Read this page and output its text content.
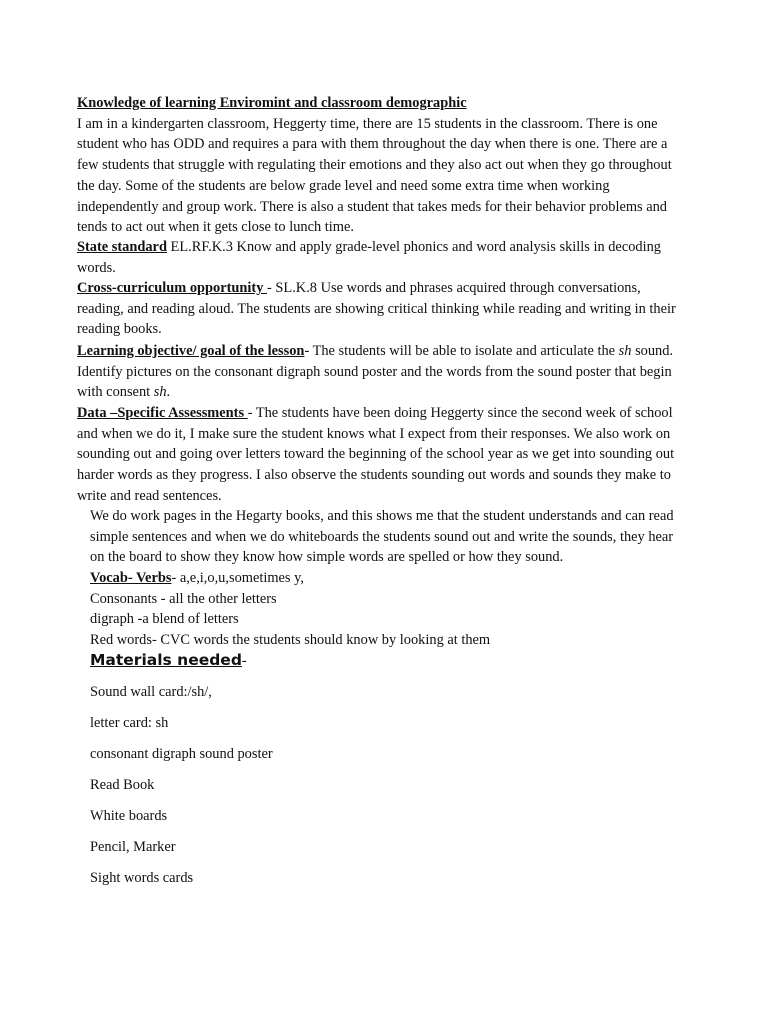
Knowledge of learning Enviromint and classroom demographic
I am in a kindergarten classroom, Heggerty time, there are 15 students in the classroom. There is one student who has ODD and requires a para with them throughout the day when there is one. There are a few students that struggle with regulating their emotions and they also act out when they go throughout the day. Some of the students are below grade level and need some extra time when working independently and group work. There is also a student that takes meds for their behavior problems and tends to act out when it gets close to lunch time.

State standard EL.RF.K.3 Know and apply grade-level phonics and word analysis skills in decoding words.

Cross-curriculum opportunity - SL.K.8 Use words and phrases acquired through conversations, reading, and reading aloud. The students are showing critical thinking while reading and writing in their reading books.

Learning objective/ goal of the lesson- The students will be able to isolate and articulate the sh sound. Identify pictures on the consonant digraph sound poster and the words from the sound poster that begin with consent sh.

Data –Specific Assessments - The students have been doing Heggerty since the second week of school and when we do it, I make sure the student knows what I expect from their responses. We also work on sounding out and going over letters toward the beginning of the school year as we get into sounding out harder words as they progress. I also observe the students sounding out words and sounds they make to write and read sentences.

We do work pages in the Hegarty books, and this shows me that the student understands and can read simple sentences and when we do whiteboards the students sound out and write the sounds, they hear on the board to show they know how simple words are spelled or how they sound.

Vocab- Verbs- a,e,i,o,u,sometimes y,
Consonants - all the other letters
digraph -a blend of letters
Red words- CVC words the students should know by looking at them

Materials needed-

Sound wall card:/sh/,

letter card: sh

consonant digraph sound poster

Read Book

White boards

Pencil, Marker

Sight words cards
